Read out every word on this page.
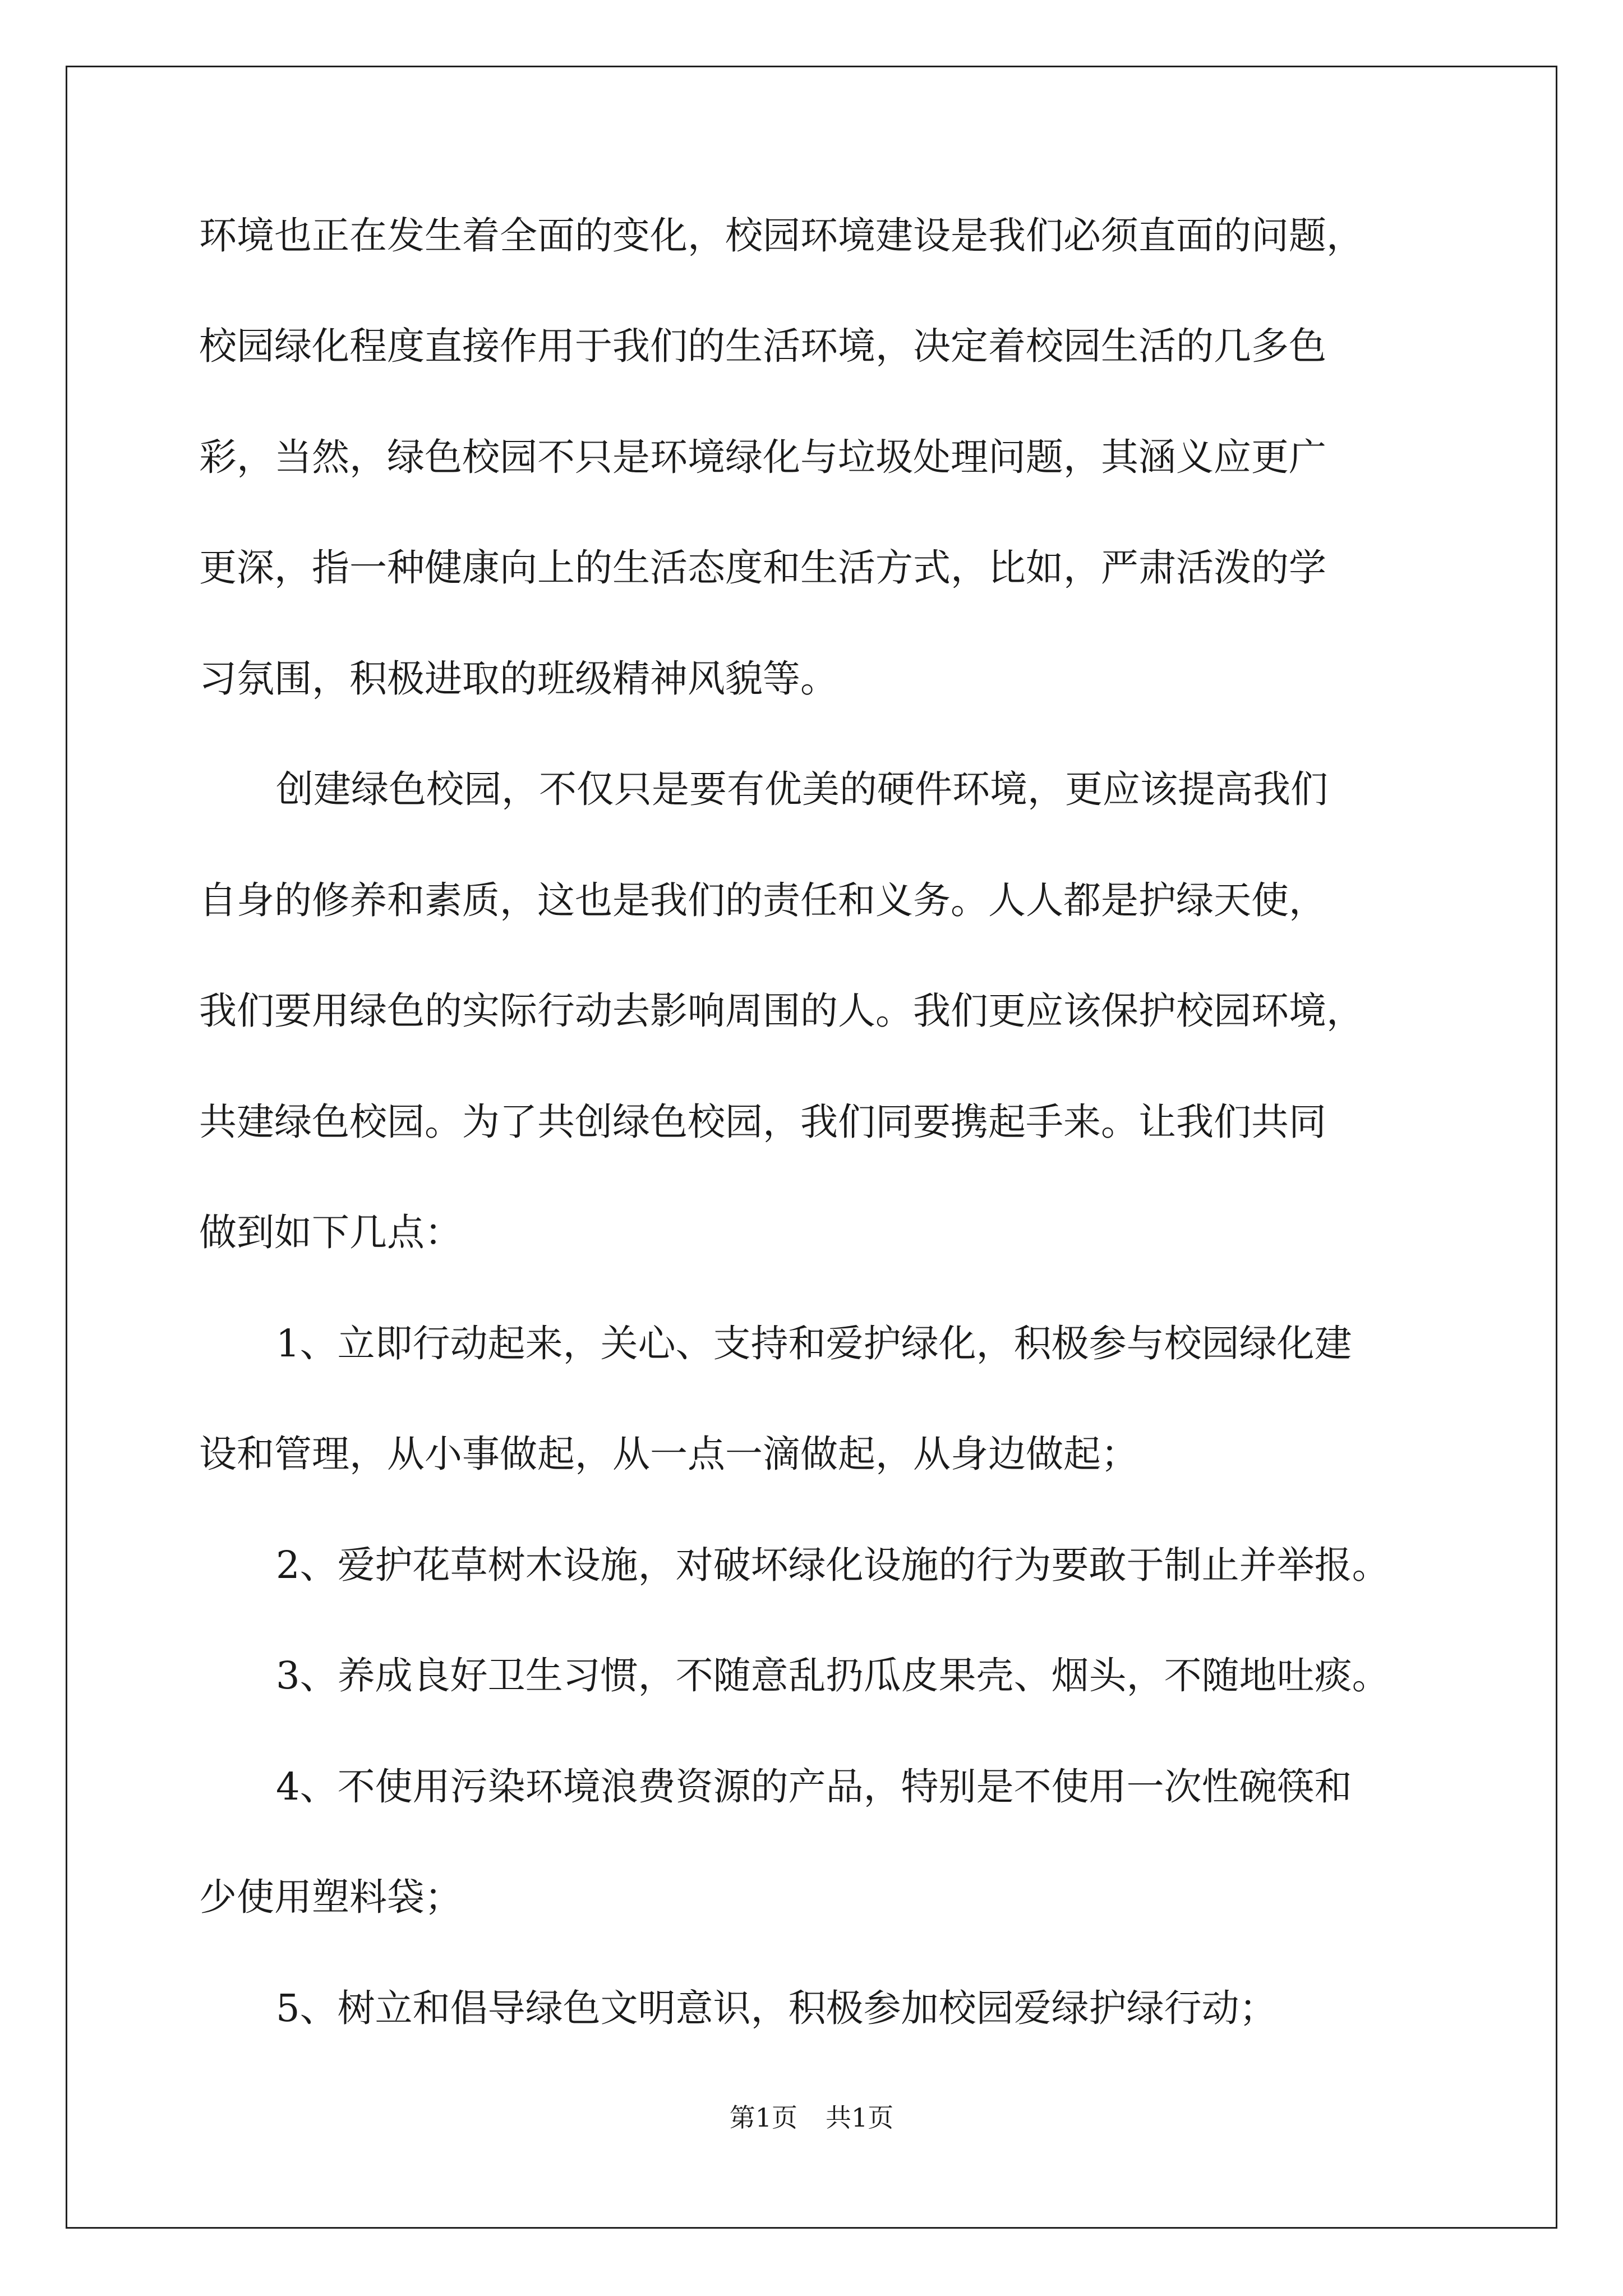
环境也正在发生着全面的变化，校园环境建设是我们必须直面的问题，
校园绿化程度直接作用于我们的生活环境，决定着校园生活的几多色
彩，当然，绿色校园不只是环境绿化与垃圾处理问题，其涵义应更广
更深，指一种健康向上的生活态度和生活方式，比如，严肃活泼的学
习氛围，积极进取的班级精神风貌等。
创建绿色校园，不仅只是要有优美的硬件环境，更应该提高我们
自身的修养和素质，这也是我们的责任和义务。人人都是护绿天使，
我们要用绿色的实际行动去影响周围的人。我们更应该保护校园环境，
共建绿色校园。为了共创绿色校园，我们同要携起手来。让我们共同
做到如下几点：
1、立即行动起来，关心、支持和爱护绿化，积极参与校园绿化建
设和管理，从小事做起，从一点一滴做起，从身边做起；
2、爱护花草树木设施，对破坏绿化设施的行为要敢于制止并举报。
3、养成良好卫生习惯，不随意乱扔瓜皮果壳、烟头，不随地吐痰。
4、不使用污染环境浪费资源的产品，特别是不使用一次性碗筷和
少使用塑料袋；
5、树立和倡导绿色文明意识，积极参加校园爱绿护绿行动；
第1页 共1页
